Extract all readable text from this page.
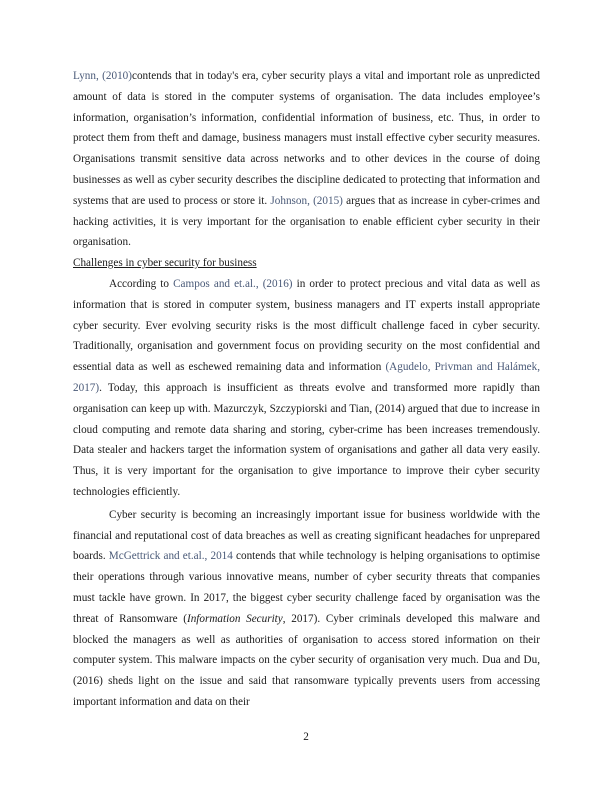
Lynn, (2010)contends that in today's era, cyber security plays a vital and important role as unpredicted amount of data is stored in the computer systems of organisation. The data includes employee’s information, organisation’s information, confidential information of business, etc. Thus, in order to protect them from theft and damage, business managers must install effective cyber security measures. Organisations transmit sensitive data across networks and to other devices in the course of doing businesses as well as cyber security describes the discipline dedicated to protecting that information and systems that are used to process or store it. Johnson, (2015) argues that as increase in cyber-crimes and hacking activities, it is very important for the organisation to enable efficient cyber security in their organisation.

Challenges in cyber security for business

According to Campos and et.al., (2016) in order to protect precious and vital data as well as information that is stored in computer system, business managers and IT experts install appropriate cyber security. Ever evolving security risks is the most difficult challenge faced in cyber security. Traditionally, organisation and government focus on providing security on the most confidential and essential data as well as eschewed remaining data and information (Agudelo, Privman and Halámek, 2017). Today, this approach is insufficient as threats evolve and transformed more rapidly than organisation can keep up with. Mazurczyk, Szczypiorski and Tian, (2014) argued that due to increase in cloud computing and remote data sharing and storing, cyber-crime has been increases tremendously. Data stealer and hackers target the information system of organisations and gather all data very easily. Thus, it is very important for the organisation to give importance to improve their cyber security technologies efficiently.

Cyber security is becoming an increasingly important issue for business worldwide with the financial and reputational cost of data breaches as well as creating significant headaches for unprepared boards. McGettrick and et.al., 2014 contends that while technology is helping organisations to optimise their operations through various innovative means, number of cyber security threats that companies must tackle have grown. In 2017, the biggest cyber security challenge faced by organisation was the threat of Ransomware (Information Security, 2017). Cyber criminals developed this malware and blocked the managers as well as authorities of organisation to access stored information on their computer system. This malware impacts on the cyber security of organisation very much. Dua and Du, (2016) sheds light on the issue and said that ransomware typically prevents users from accessing important information and data on their

2
